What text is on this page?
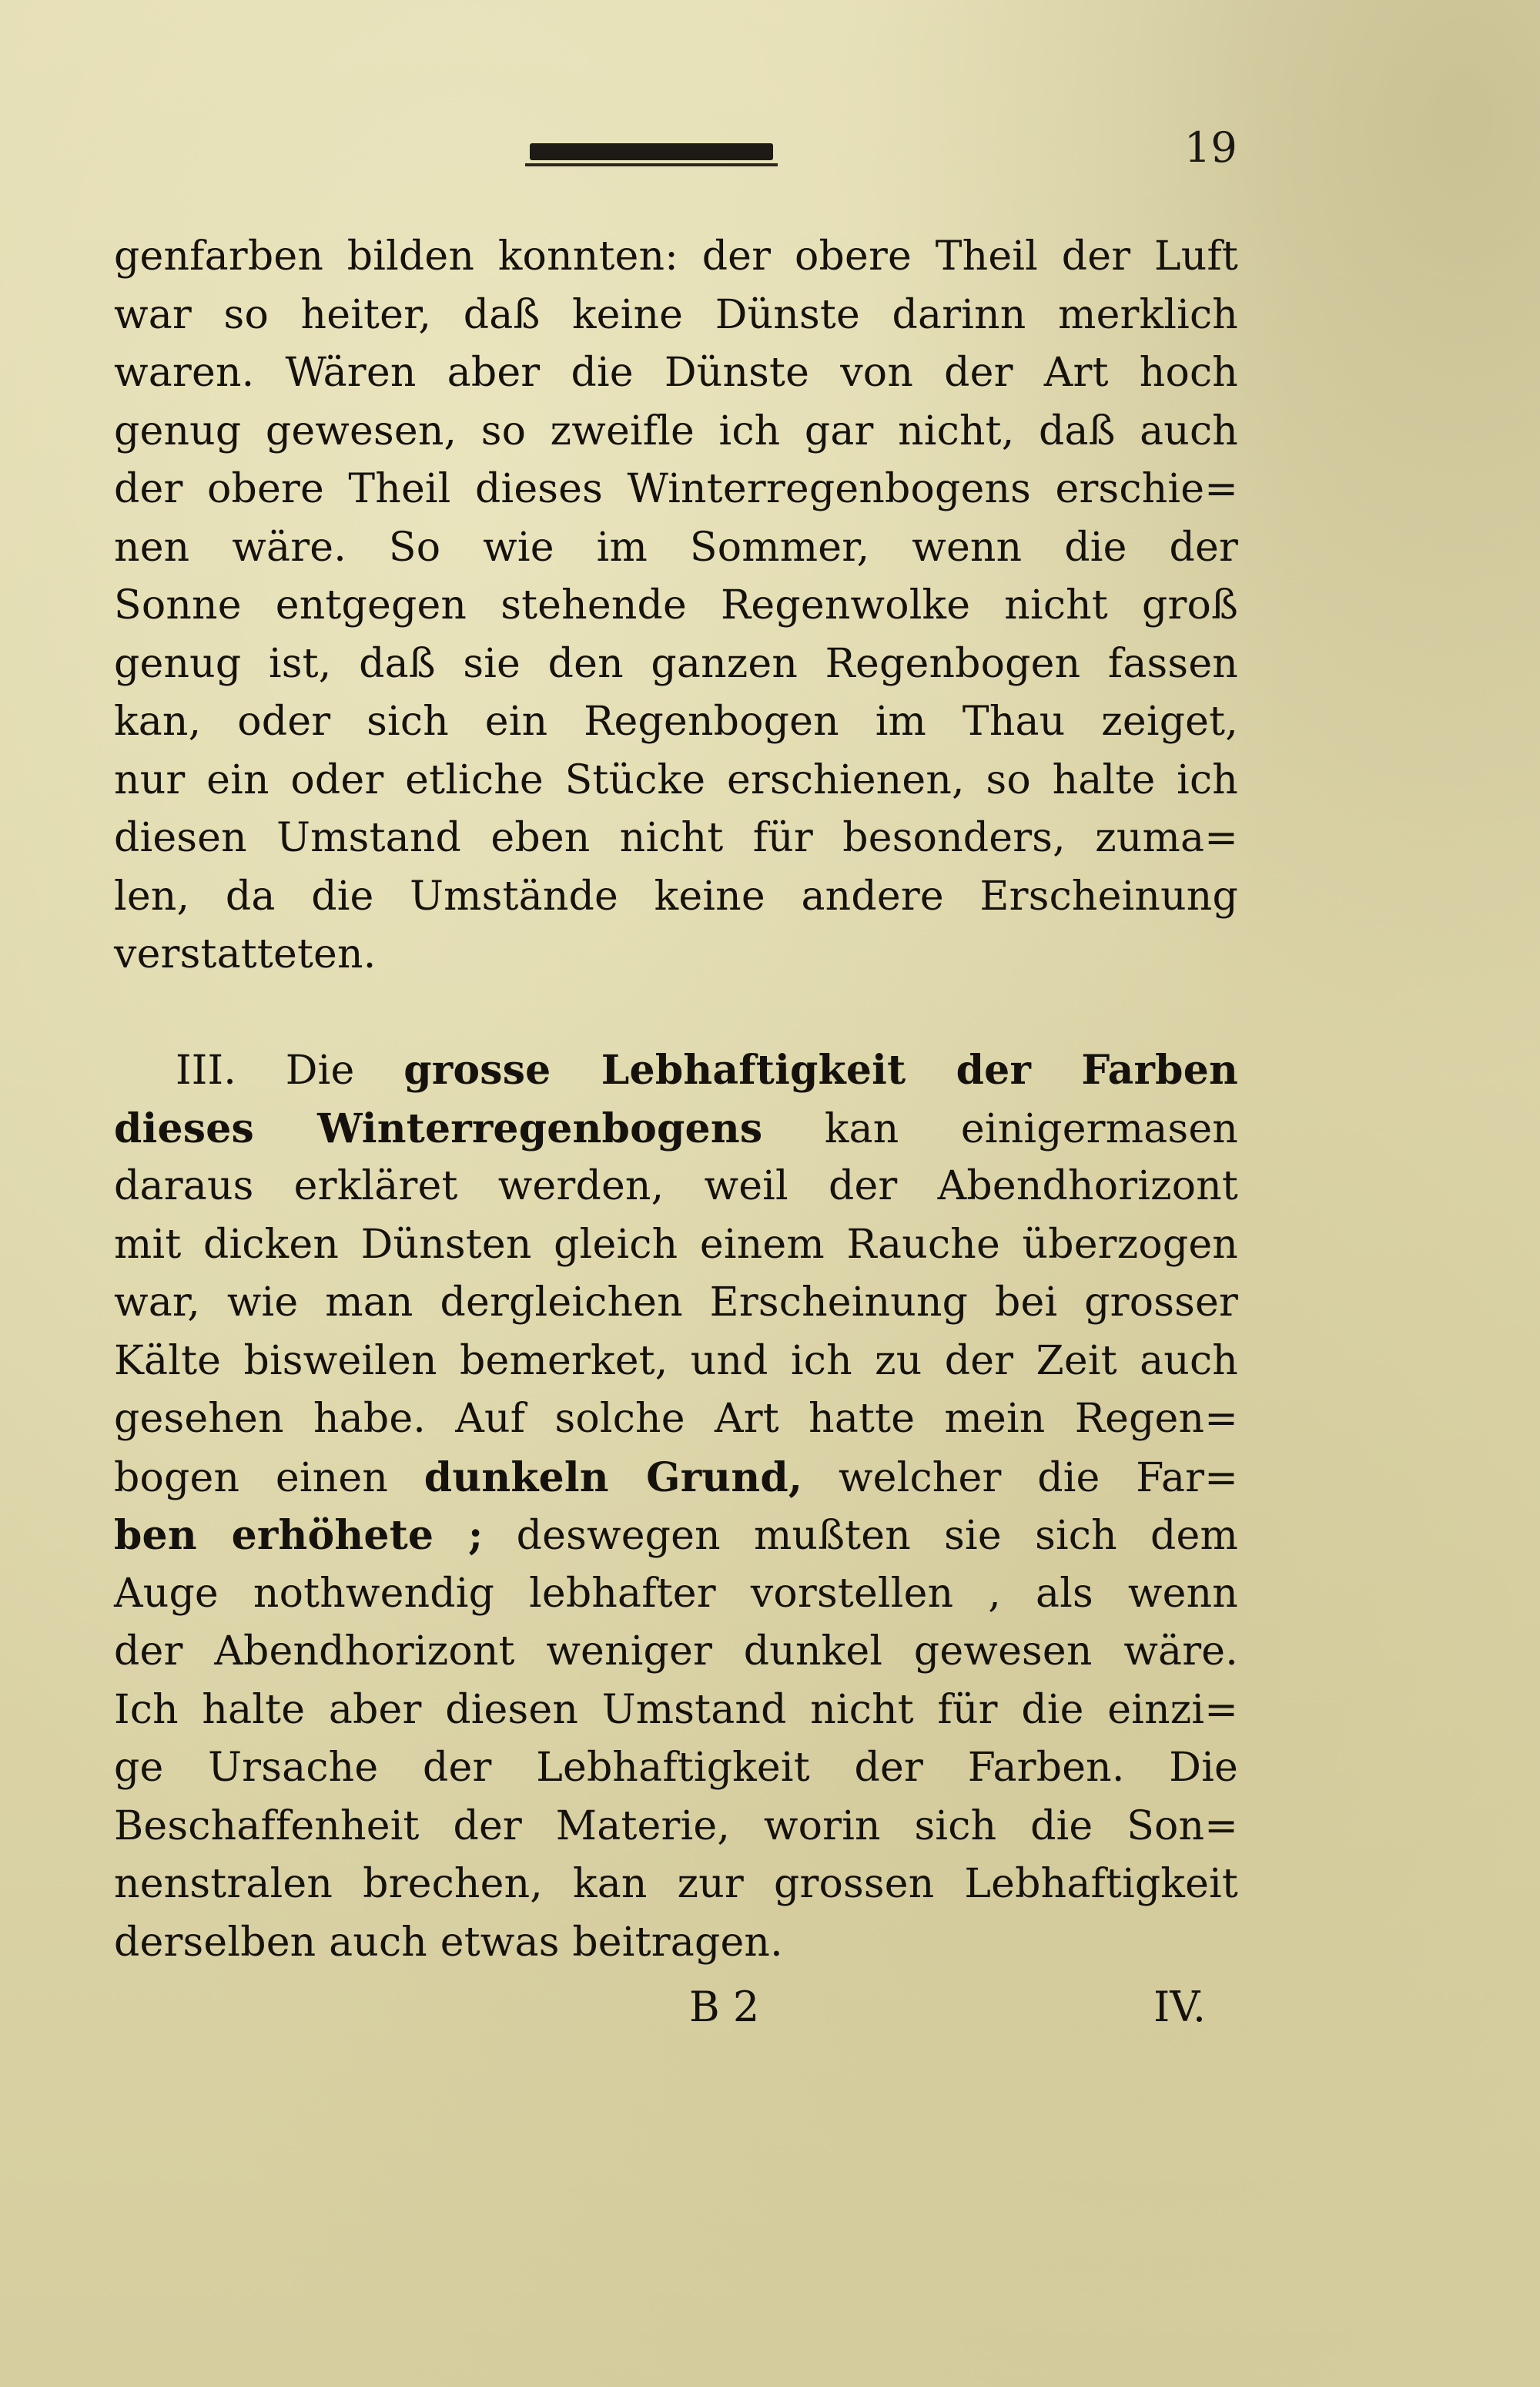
19
genfarben bilden konnten: der obere Theil der Luft
war so heiter, daß keine Dünste darinn merklich
waren. Wären aber die Dünste von der Art hoch
genug gewesen, so zweifle ich gar nicht, daß auch
der obere Theil dieses Winterregenbogens erschie=
nen wäre. So wie im Sommer, wenn die der
Sonne entgegen stehende Regenwolke nicht groß
genug ist, daß sie den ganzen Regenbogen fassen
kan, oder sich ein Regenbogen im Thau zeiget,
nur ein oder etliche Stücke erschienen, so halte ich
diesen Umstand eben nicht für besonders, zuma=
len, da die Umstände keine andere Erscheinung
verstatteten.
III. Die grosse Lebhaftigkeit der Farben
dieses Winterregenbogens kan einigermasen
daraus erkläret werden, weil der Abendhorizont
mit dicken Dünsten gleich einem Rauche überzogen
war, wie man dergleichen Erscheinung bei grosser
Kälte bisweilen bemerket, und ich zu der Zeit auch
gesehen habe. Auf solche Art hatte mein Regen=
bogen einen dunkeln Grund, welcher die Far=
ben erhöhete ; deswegen mußten sie sich dem
Auge nothwendig lebhafter vorstellen , als wenn
der Abendhorizont weniger dunkel gewesen wäre.
Ich halte aber diesen Umstand nicht für die einzi=
ge Ursache der Lebhaftigkeit der Farben. Die
Beschaffenheit der Materie, worin sich die Son=
nenstralen brechen, kan zur grossen Lebhaftigkeit
derselben auch etwas beitragen.
B 2	IV.
